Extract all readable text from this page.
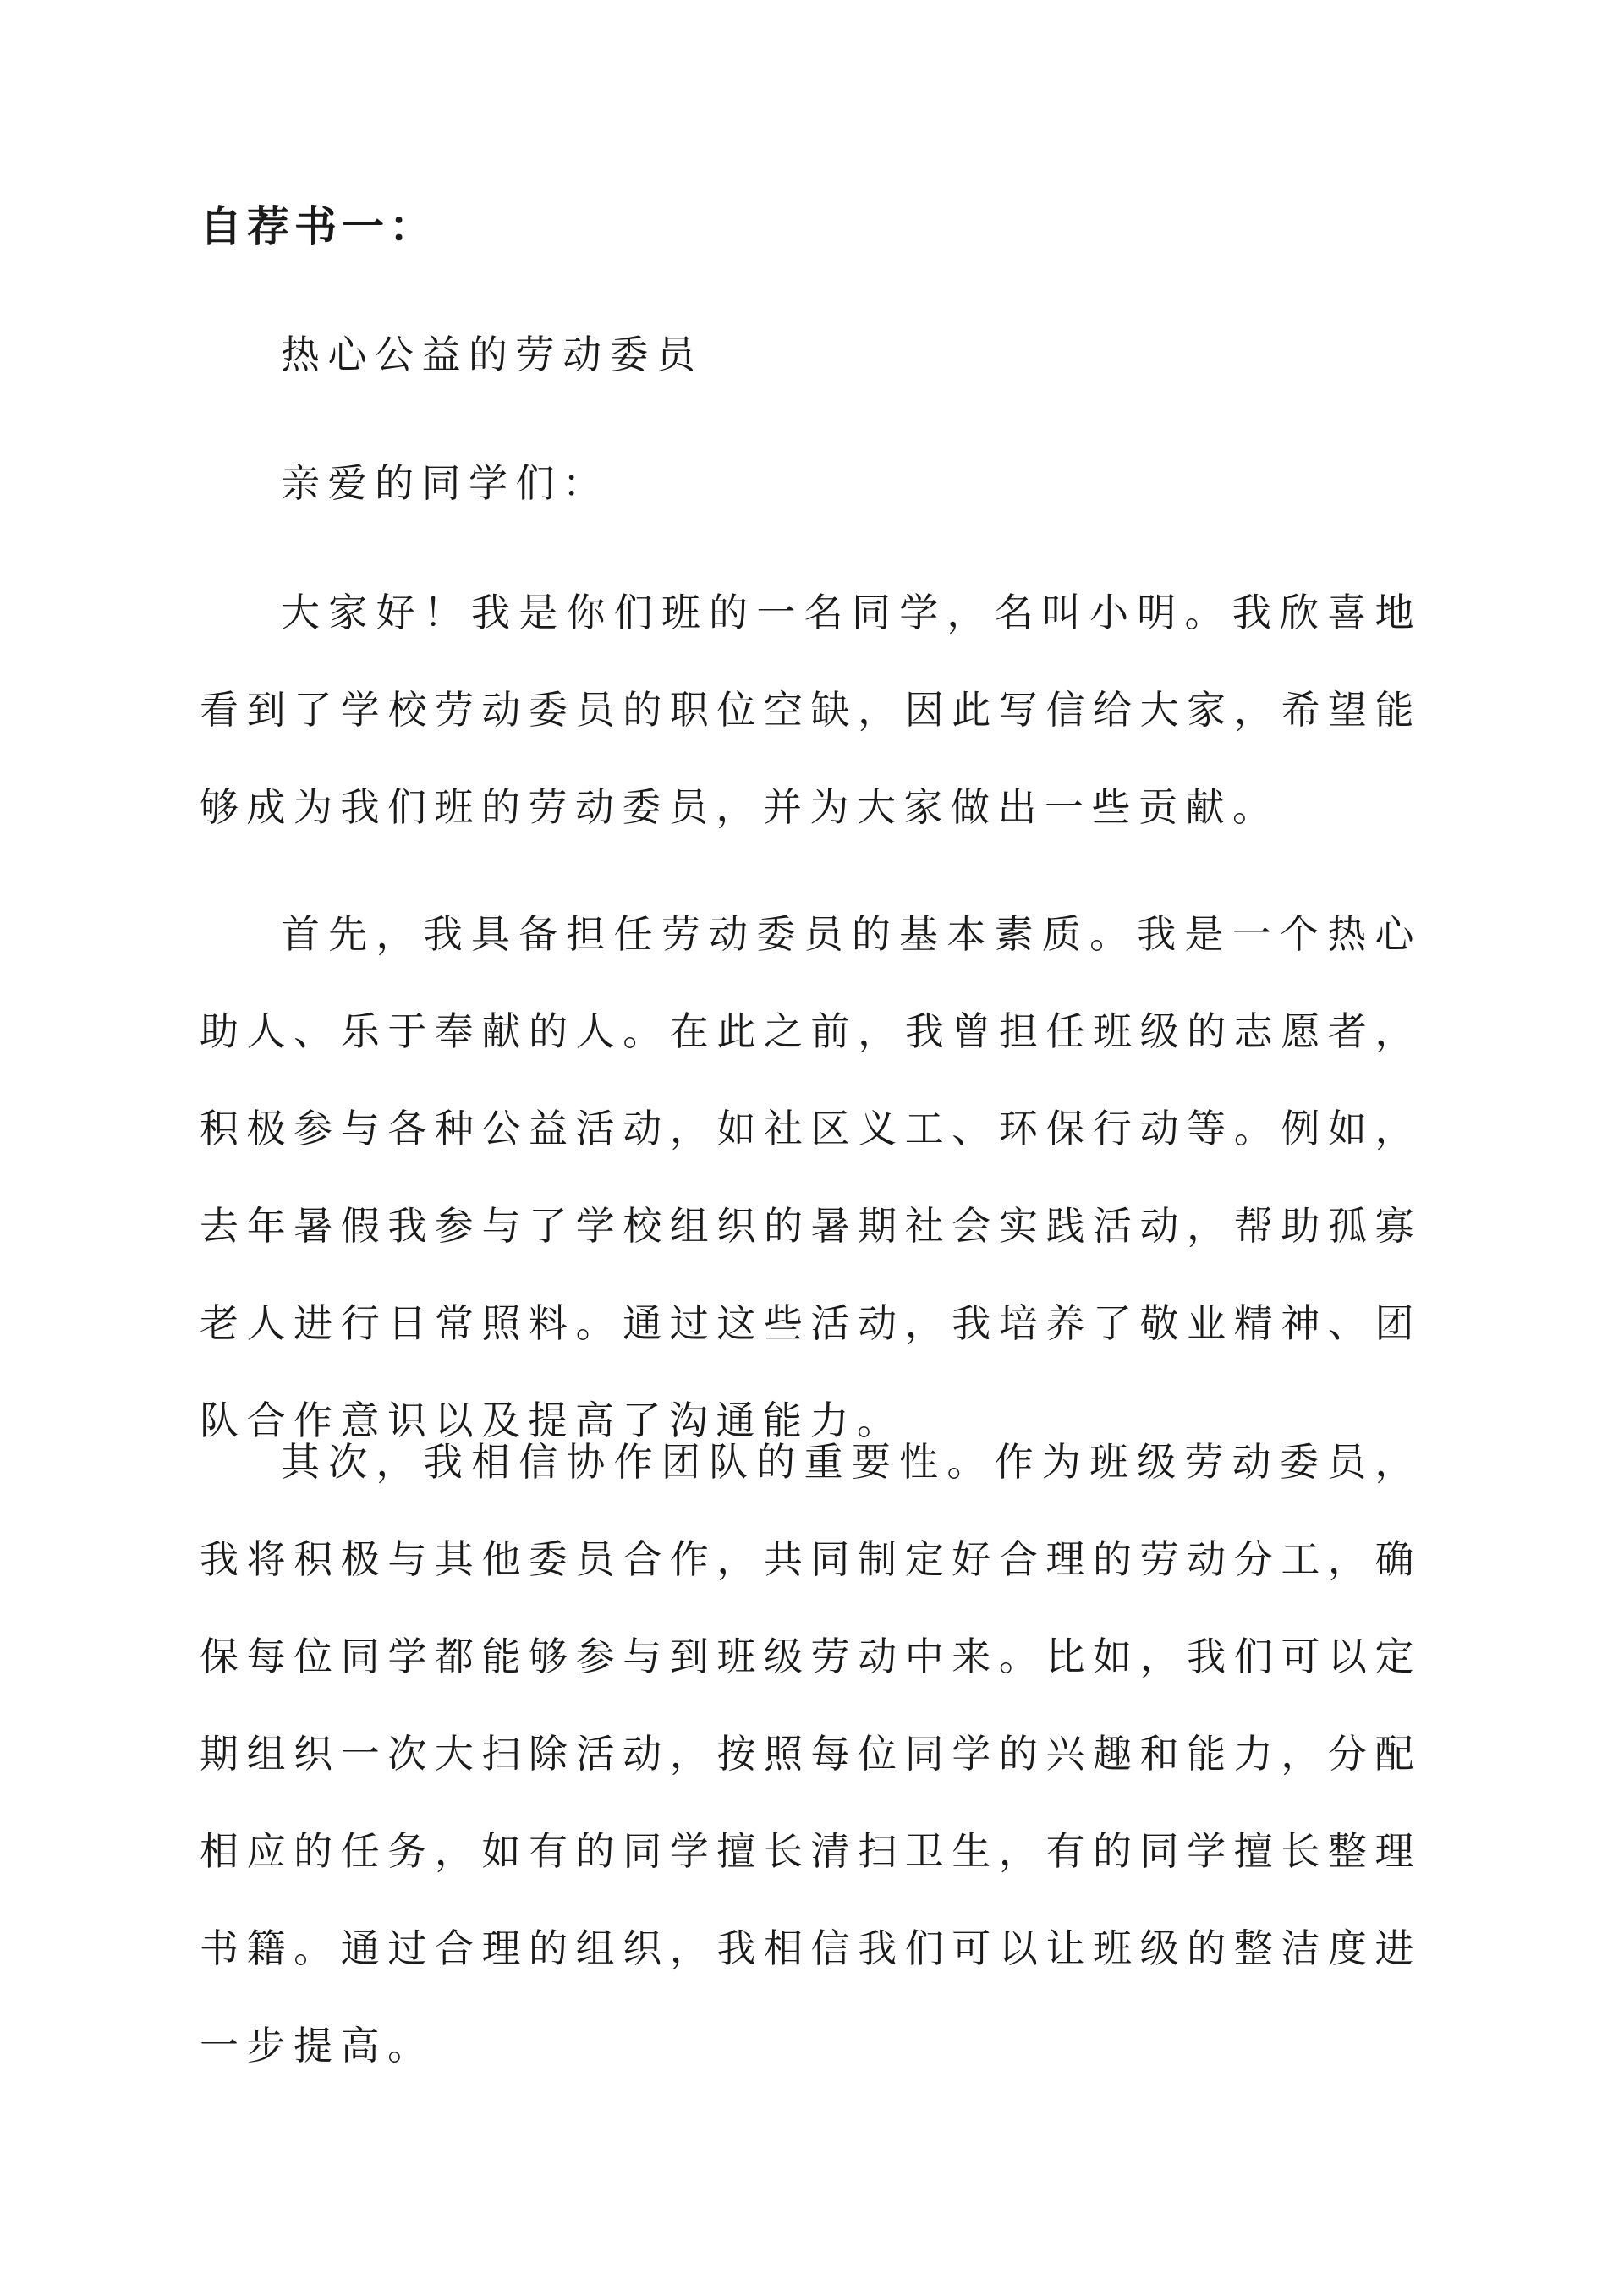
自荐书一：

热心公益的劳动委员

亲爱的同学们：

大家好！我是你们班的一名同学，名叫小明。我欣喜地看到了学校劳动委员的职位空缺，因此写信给大家，希望能够成为我们班的劳动委员，并为大家做出一些贡献。

首先，我具备担任劳动委员的基本素质。我是一个热心助人、乐于奉献的人。在此之前，我曾担任班级的志愿者，积极参与各种公益活动，如社区义工、环保行动等。例如，去年暑假我参与了学校组织的暑期社会实践活动，帮助孤寡老人进行日常照料。通过这些活动，我培养了敬业精神、团队合作意识以及提高了沟通能力。

其次，我相信协作团队的重要性。作为班级劳动委员，我将积极与其他委员合作，共同制定好合理的劳动分工，确保每位同学都能够参与到班级劳动中来。比如，我们可以定期组织一次大扫除活动，按照每位同学的兴趣和能力，分配相应的任务，如有的同学擅长清扫卫生，有的同学擅长整理书籍。通过合理的组织，我相信我们可以让班级的整洁度进一步提高。
